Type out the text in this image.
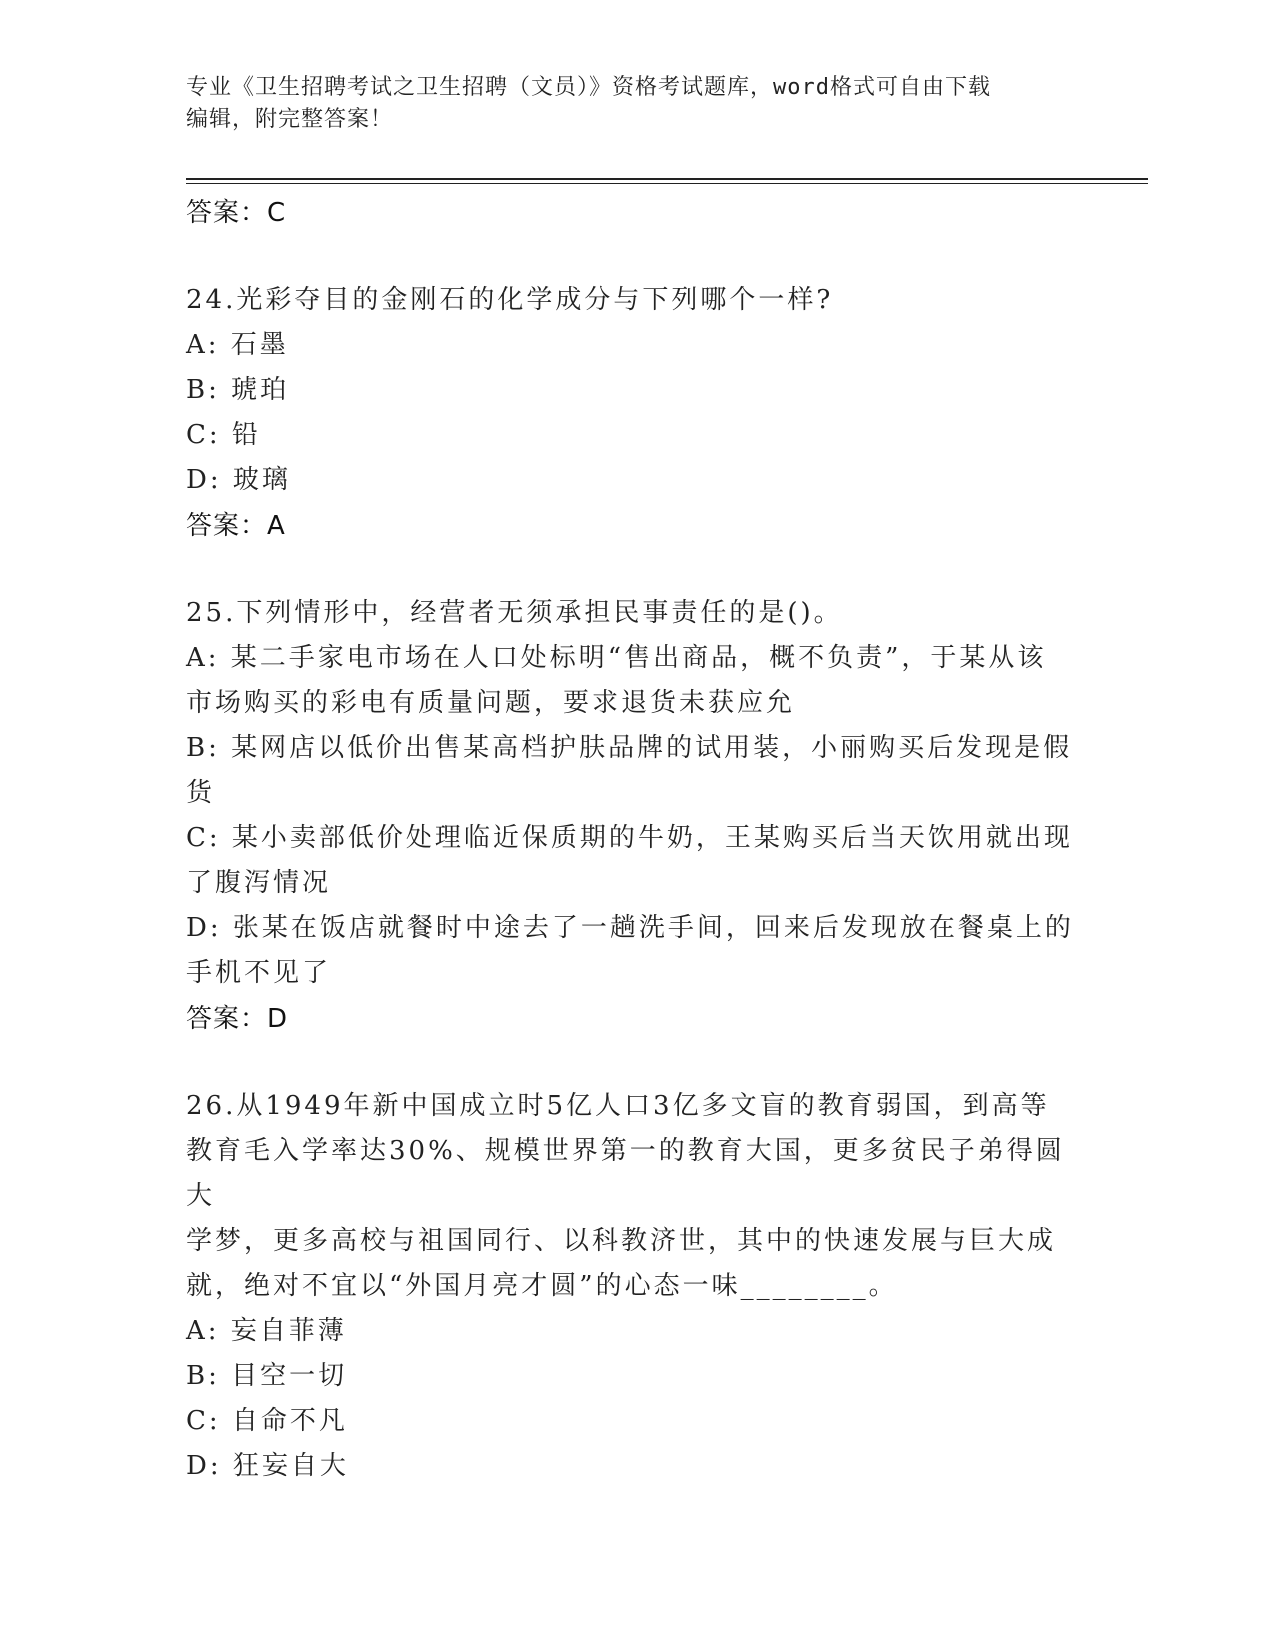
专业《卫生招聘考试之卫生招聘（文员）》资格考试题库，word格式可自由下载
编辑，附完整答案！
答案：C
24.光彩夺目的金刚石的化学成分与下列哪个一样?
A: 石墨
B: 琥珀
C: 铅
D: 玻璃
答案：A
25.下列情形中，经营者无须承担民事责任的是()。
A: 某二手家电市场在人口处标明“售出商品，概不负责”，于某从该
市场购买的彩电有质量问题，要求退货未获应允
B: 某网店以低价出售某高档护肤品牌的试用装，小丽购买后发现是假
货
C: 某小卖部低价处理临近保质期的牛奶，王某购买后当天饮用就出现
了腹泻情况
D: 张某在饭店就餐时中途去了一趟洗手间，回来后发现放在餐桌上的
手机不见了
答案：D
26.从1949年新中国成立时5亿人口3亿多文盲的教育弱国，到高等
教育毛入学率达30%、规模世界第一的教育大国，更多贫民子弟得圆大
学梦，更多高校与祖国同行、以科教济世，其中的快速发展与巨大成
就，绝对不宜以“外国月亮才圆”的心态一味________。
A: 妄自菲薄
B: 目空一切
C: 自命不凡
D: 狂妄自大
